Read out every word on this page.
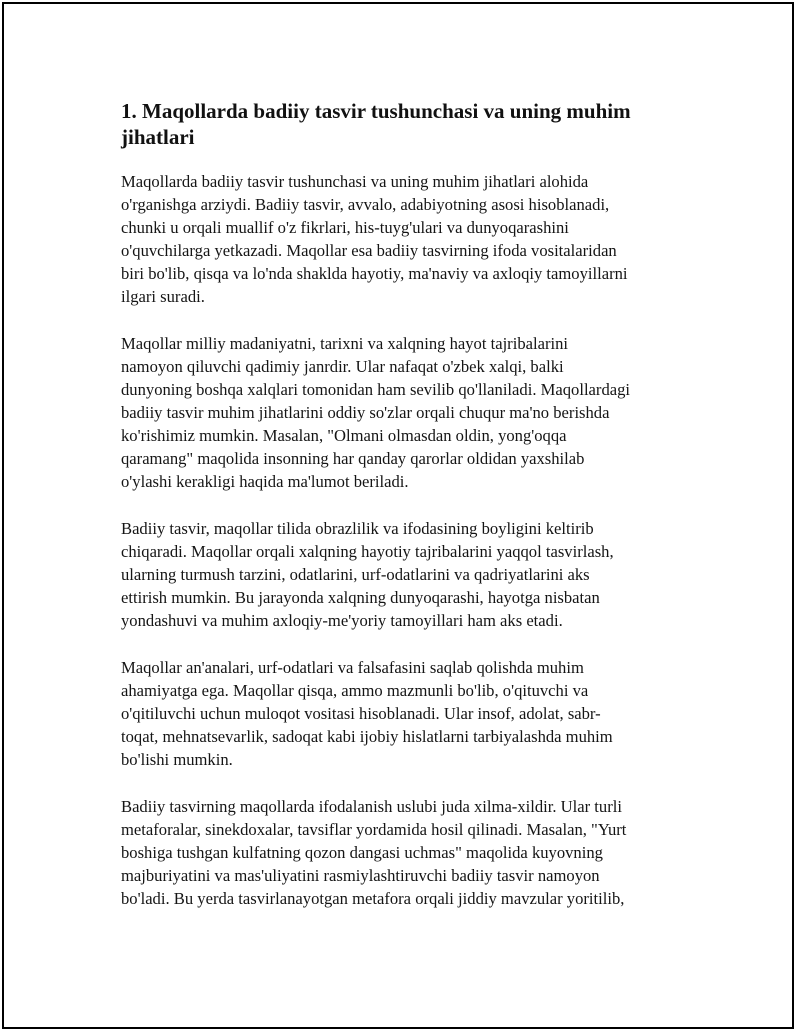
1. Maqollarda badiiy tasvir tushunchasi va uning muhim
jihatlari

Maqollarda badiiy tasvir tushunchasi va uning muhim jihatlari alohida
o'rganishga arziydi. Badiiy tasvir, avvalo, adabiyotning asosi hisoblanadi,
chunki u orqali muallif o'z fikrlari, his-tuyg'ulari va dunyoqarashini
o'quvchilarga yetkazadi. Maqollar esa badiiy tasvirning ifoda vositalaridan
biri bo'lib, qisqa va lo'nda shaklda hayotiy, ma'naviy va axloqiy tamoyillarni
ilgari suradi.

Maqollar milliy madaniyatni, tarixni va xalqning hayot tajribalarini
namoyon qiluvchi qadimiy janrdir. Ular nafaqat o'zbek xalqi, balki
dunyoning boshqa xalqlari tomonidan ham sevilib qo'llaniladi. Maqollardagi
badiiy tasvir muhim jihatlarini oddiy so'zlar orqali chuqur ma'no berishda
ko'rishimiz mumkin. Masalan, "Olmani olmasdan oldin, yong'oqqa
qaramang" maqolida insonning har qanday qarorlar oldidan yaxshilab
o'ylashi kerakligi haqida ma'lumot beriladi.

Badiiy tasvir, maqollar tilida obrazlilik va ifodasining boyligini keltirib
chiqaradi. Maqollar orqali xalqning hayotiy tajribalarini yaqqol tasvirlash,
ularning turmush tarzini, odatlarini, urf-odatlarini va qadriyatlarini aks
ettirish mumkin. Bu jarayonda xalqning dunyoqarashi, hayotga nisbatan
yondashuvi va muhim axloqiy-me'yoriy tamoyillari ham aks etadi.

Maqollar an'analari, urf-odatlari va falsafasini saqlab qolishda muhim
ahamiyatga ega. Maqollar qisqa, ammo mazmunli bo'lib, o'qituvchi va
o'qitiluvchi uchun muloqot vositasi hisoblanadi. Ular insof, adolat, sabr-
toqat, mehnatsevarlik, sadoqat kabi ijobiy hislatlarni tarbiyalashda muhim
bo'lishi mumkin.

Badiiy tasvirning maqollarda ifodalanish uslubi juda xilma-xildir. Ular turli
metaforalar, sinekdoxalar, tavsiflar yordamida hosil qilinadi. Masalan, "Yurt
boshiga tushgan kulfatning qozon dangasi uchmas" maqolida kuyovning
majburiyatini va mas'uliyatini rasmiylashtiruvchi badiiy tasvir namoyon
bo'ladi. Bu yerda tasvirlanayotgan metafora orqali jiddiy mavzular yoritilib,
